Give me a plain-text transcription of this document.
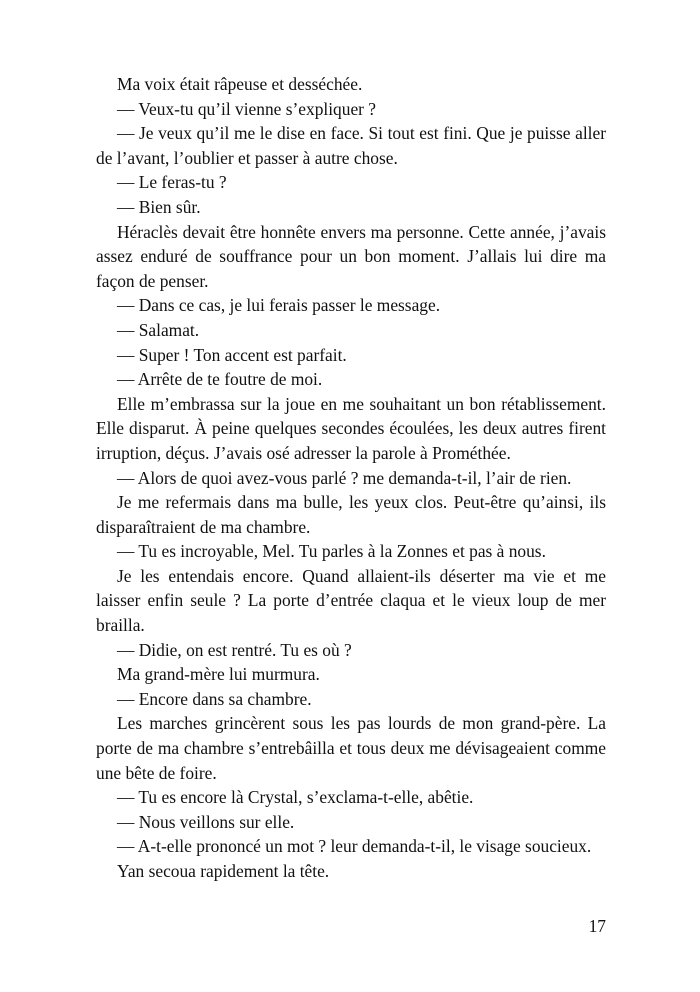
Ma voix était râpeuse et desséchée.

— Veux-tu qu’il vienne s’expliquer ?

— Je veux qu’il me le dise en face. Si tout est fini. Que je puisse aller de l’avant, l’oublier et passer à autre chose.

— Le feras-tu ?

— Bien sûr.

Héraclès devait être honnête envers ma personne. Cette année, j’avais assez enduré de souffrance pour un bon moment. J’allais lui dire ma façon de penser.

— Dans ce cas, je lui ferais passer le message.

— Salamat.

— Super ! Ton accent est parfait.

— Arrête de te foutre de moi.

Elle m’embrassa sur la joue en me souhaitant un bon rétablissement. Elle disparut. À peine quelques secondes écoulées, les deux autres firent irruption, déçus. J’avais osé adresser la parole à Prométhée.

— Alors de quoi avez-vous parlé ? me demanda-t-il, l’air de rien.

Je me refermais dans ma bulle, les yeux clos. Peut-être qu’ainsi, ils disparaîtraient de ma chambre.

— Tu es incroyable, Mel. Tu parles à la Zonnes et pas à nous.

Je les entendais encore. Quand allaient-ils déserter ma vie et me laisser enfin seule ? La porte d’entrée claqua et le vieux loup de mer brailla.

— Didie, on est rentré. Tu es où ?

Ma grand-mère lui murmura.

— Encore dans sa chambre.

Les marches grincèrent sous les pas lourds de mon grand-père. La porte de ma chambre s’entrebâilla et tous deux me dévisageaient comme une bête de foire.

— Tu es encore là Crystal, s’exclama-t-elle, abêtie.

— Nous veillons sur elle.

— A-t-elle prononcé un mot ? leur demanda-t-il, le visage soucieux.

Yan secoua rapidement la tête.

17
